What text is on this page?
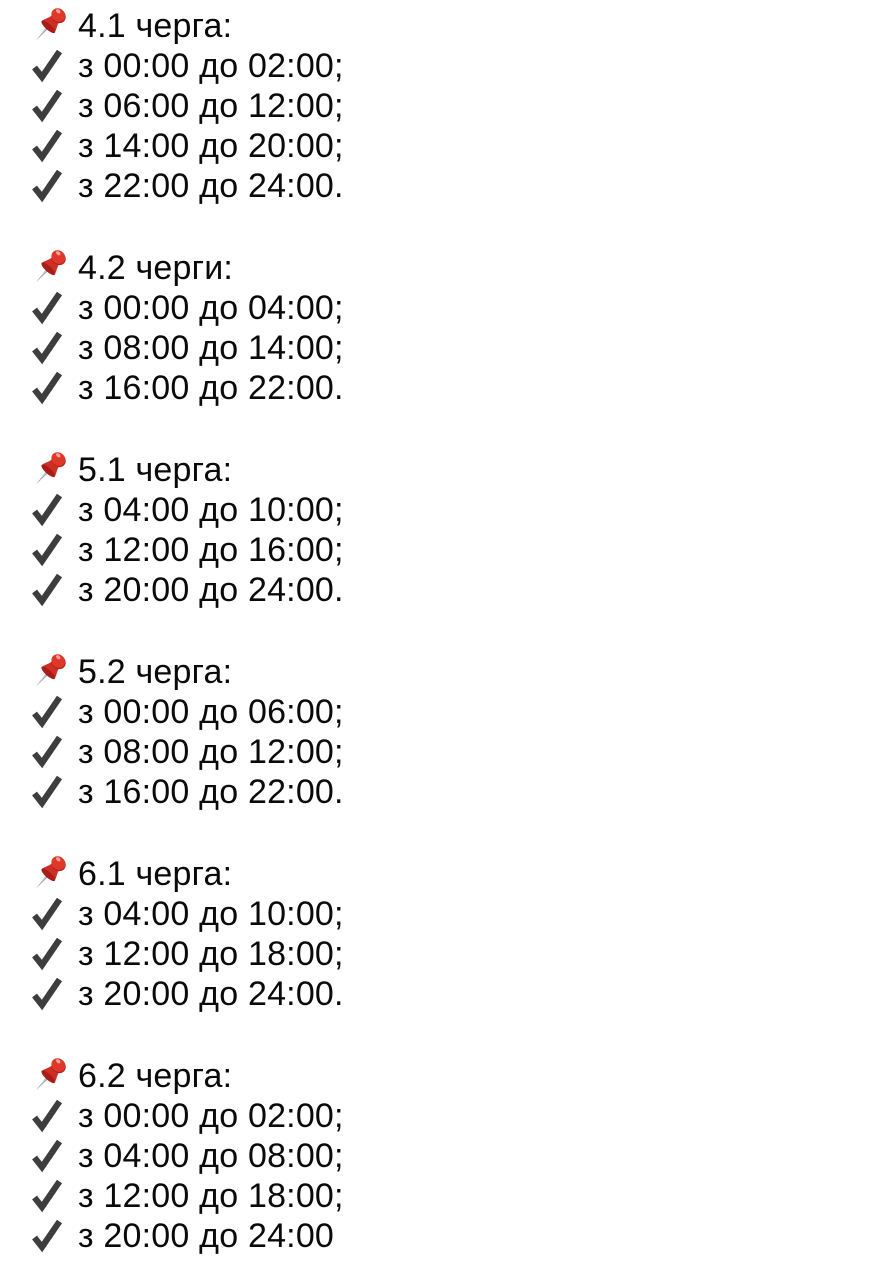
4.1 черга:
з 00:00 до 02:00;
з 06:00 до 12:00;
з 14:00 до 20:00;
з 22:00 до 24:00.
4.2 черги:
з 00:00 до 04:00;
з 08:00 до 14:00;
з 16:00 до 22:00.
5.1 черга:
з 04:00 до 10:00;
з 12:00 до 16:00;
з 20:00 до 24:00.
5.2 черга:
з 00:00 до 06:00;
з 08:00 до 12:00;
з 16:00 до 22:00.
6.1 черга:
з 04:00 до 10:00;
з 12:00 до 18:00;
з 20:00 до 24:00.
6.2 черга:
з 00:00 до 02:00;
з 04:00 до 08:00;
з 12:00 до 18:00;
з 20:00 до 24:00
